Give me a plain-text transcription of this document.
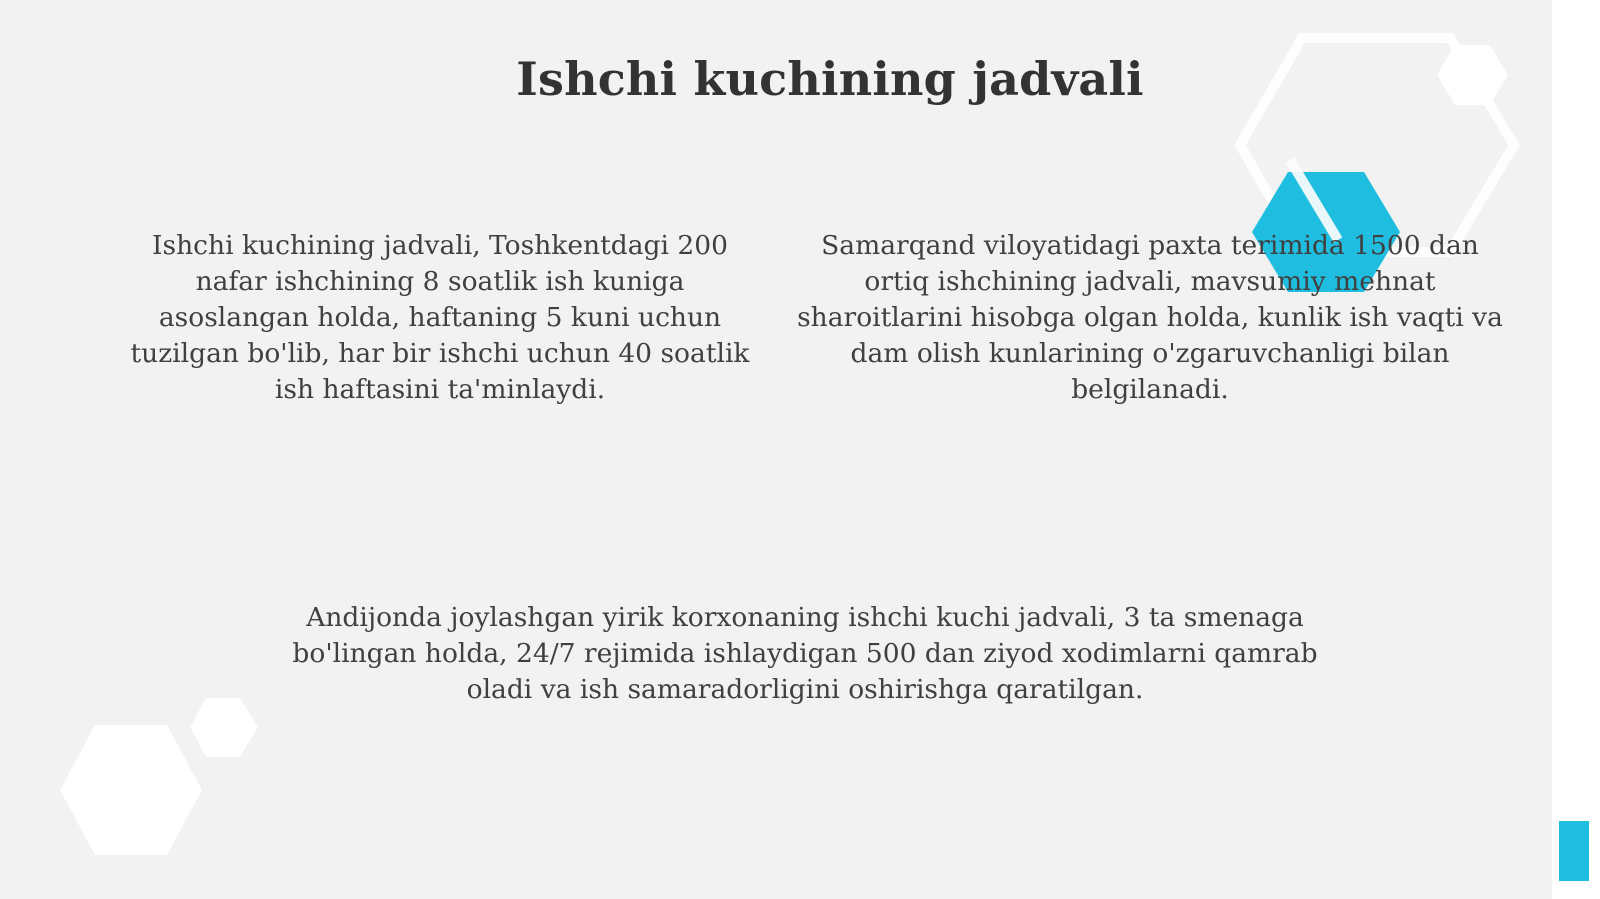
Ishchi kuchining jadvali

Ishchi kuchining jadvali, Toshkentdagi 200 nafar ishchining 8 soatlik ish kuniga asoslangan holda, haftaning 5 kuni uchun tuzilgan bo'lib, har bir ishchi uchun 40 soatlik ish haftasini ta'minlaydi.

Samarqand viloyatidagi paxta terimida 1500 dan ortiq ishchining jadvali, mavsumiy mehnat sharoitlarini hisobga olgan holda, kunlik ish vaqti va dam olish kunlarining o'zgaruvchanligi bilan belgilanadi.

Andijonda joylashgan yirik korxonaning ishchi kuchi jadvali, 3 ta smenaga bo'lingan holda, 24/7 rejimida ishlaydigan 500 dan ziyod xodimlarni qamrab oladi va ish samaradorligini oshirishga qaratilgan.
